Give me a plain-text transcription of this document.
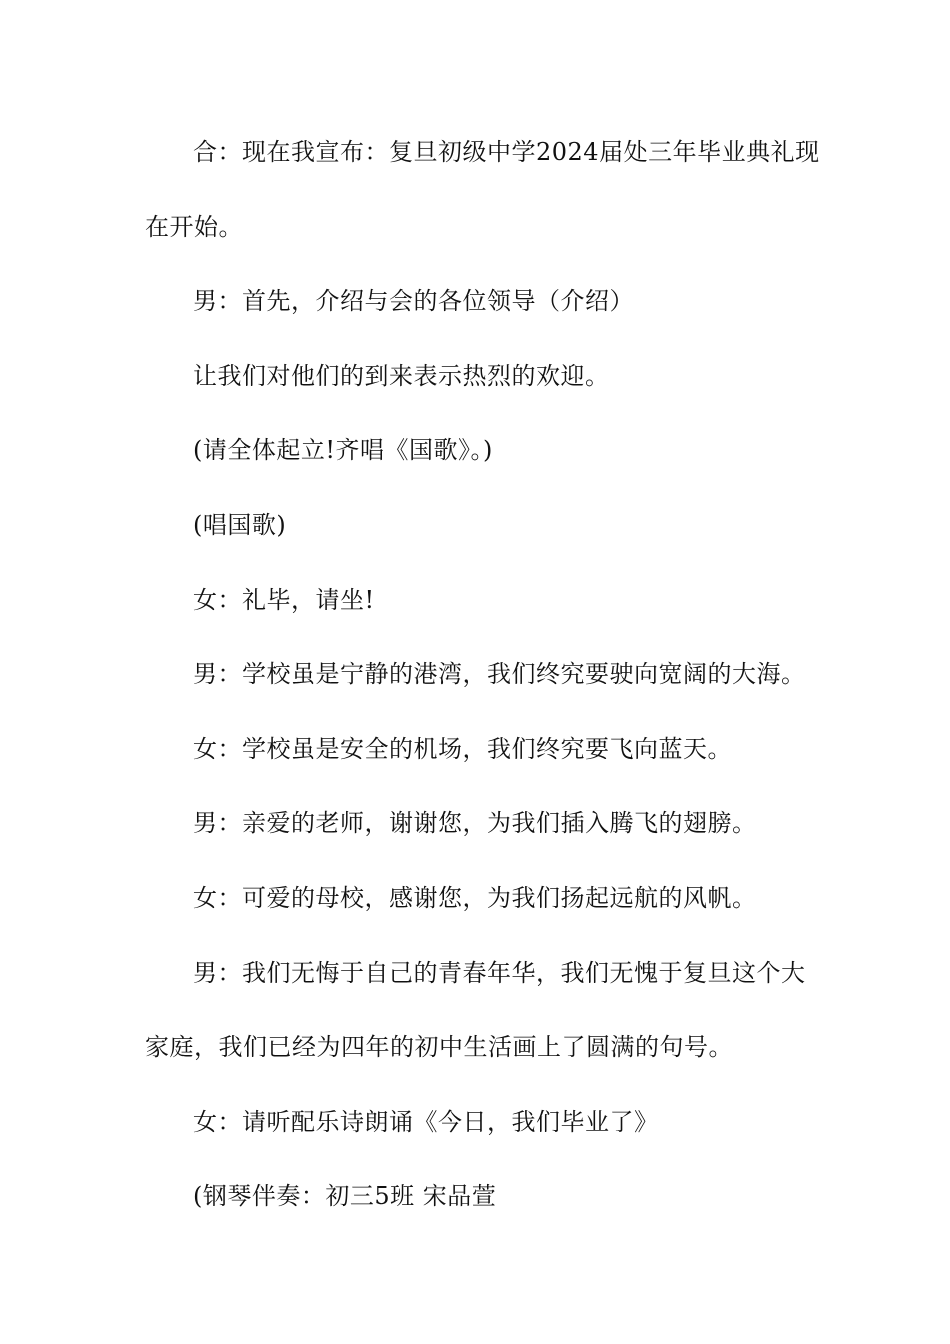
合：现在我宣布：复旦初级中学2024届处三年毕业典礼现
在开始。
男：首先，介绍与会的各位领导（介绍）
让我们对他们的到来表示热烈的欢迎。
(请全体起立!齐唱《国歌》。)
(唱国歌)
女：礼毕，请坐!
男：学校虽是宁静的港湾，我们终究要驶向宽阔的大海。
女：学校虽是安全的机场，我们终究要飞向蓝天。
男：亲爱的老师，谢谢您，为我们插入腾飞的翅膀。
女：可爱的母校，感谢您，为我们扬起远航的风帆。
男：我们无悔于自己的青春年华，我们无愧于复旦这个大
家庭，我们已经为四年的初中生活画上了圆满的句号。
女：请听配乐诗朗诵《今日，我们毕业了》
(钢琴伴奏：初三5班 宋品萱
